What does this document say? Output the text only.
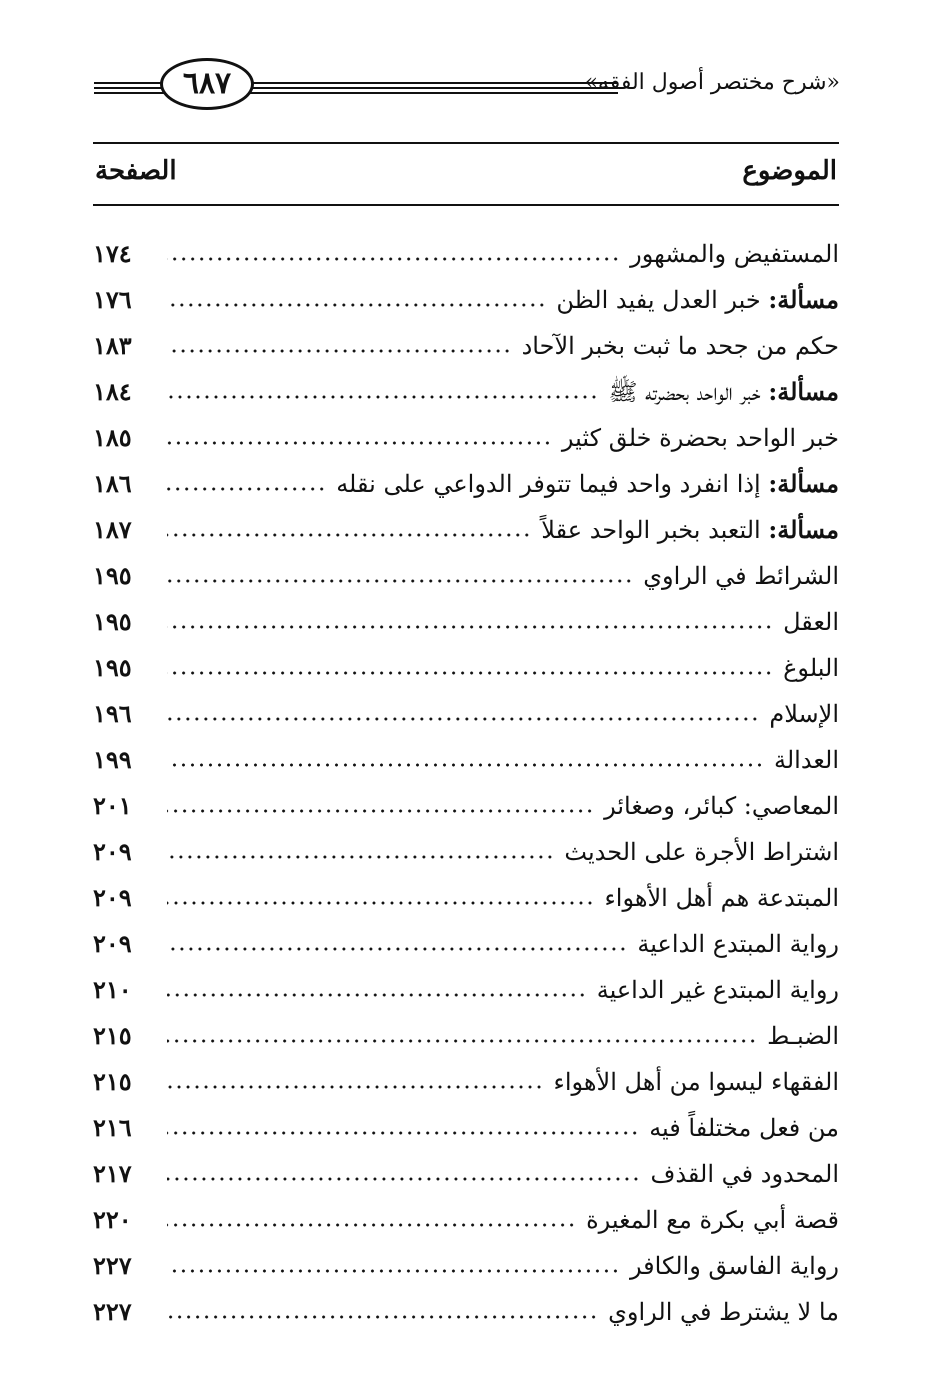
٦٨٧	«شرح مختصر أصول الفقه»
الموضوع
الصفحة
المستفيض والمشهور
١٧٤
مسألة: خبر العدل يفيد الظن
١٧٦
حكم من جحد ما ثبت بخبر الآحاد
١٨٣
مسألة: خبر الواحد بحضرته ﷺ
١٨٤
خبر الواحد بحضرة خلق كثير
١٨٥
مسألة: إذا انفرد واحد فيما تتوفر الدواعي على نقله
١٨٦
مسألة: التعبد بخبر الواحد عقلاً
١٨٧
الشرائط في الراوي
١٩٥
العقل
١٩٥
البلوغ
١٩٥
الإسلام
١٩٦
العدالة
١٩٩
المعاصي: كبائر، وصغائر
٢٠١
اشتراط الأجرة على الحديث
٢٠٩
المبتدعة هم أهل الأهواء
٢٠٩
رواية المبتدع الداعية
٢٠٩
رواية المبتدع غير الداعية
٢١٠
الضبـط
٢١٥
الفقهاء ليسوا من أهل الأهواء
٢١٥
من فعل مختلفاً فيه
٢١٦
المحدود في القذف
٢١٧
قصة أبي بكرة مع المغيرة
٢٢٠
رواية الفاسق والكافر
٢٢٧
ما لا يشترط في الراوي
٢٢٧
